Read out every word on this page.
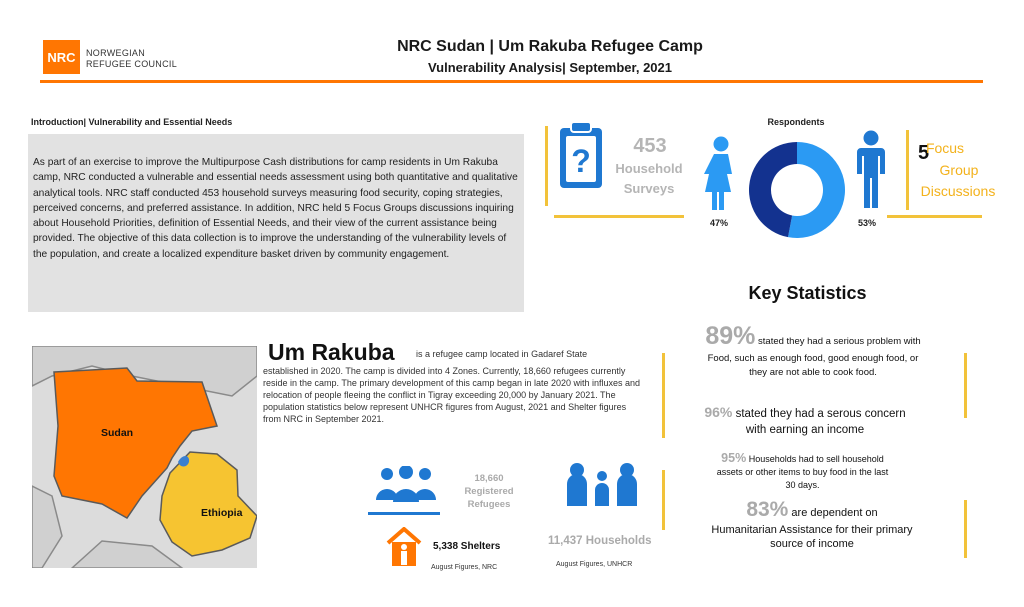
NRC NORWEGIAN
REFUGEE COUNCIL
NRC Sudan | Um Rakuba Refugee Camp
Vulnerability Analysis| September, 2021
Introduction| Vulnerability and Essential Needs
As part of an exercise to improve the Multipurpose Cash distributions for camp residents in Um Rakuba camp, NRC conducted a vulnerable and essential needs assessment using both quantitative and qualitative analytical tools. NRC staff conducted 453 household surveys measuring food security, coping strategies, perceived concerns, and preferred assistance. In addition, NRC held 5 Focus Groups discussions inquiring about Household Priorities, definition of Essential Needs, and their view of the current assistance being provided. The objective of this data collection is to improve the understanding of the vulnerability levels of the population, and create a localized expenditure basket driven by community engagement.
Respondents
?	453
Household
Surveys
47%	53%
5
Focus
Group
Discussions
Sudan
Ethiopia
Um Rakuba is a refugee camp located in Gadaref State
established in 2020. The camp is divided into 4 Zones. Currently, 18,660 refugees currently reside in the camp. The primary development of this camp began in late 2020 with influxes and relocation of people fleeing the conflict in Tigray exceeding 20,000 by January 2021. The population statistics below represent UNHCR figures from August, 2021 and Shelter figures from NRC in September 2021.
18,660
Registered
Refugees
5,338 Shelters
August Figures, NRC
11,437 Households
August Figures, UNHCR
Key Statistics
89% stated they had a serious problem with
Food, such as enough food, good enough food, or
they are not able to cook food.
96% stated they had a serous concern
with earning an income
95% Households had to sell household
assets or other items to buy food in the last
30 days.
83% are dependent on
Humanitarian Assistance for their primary
source of income
